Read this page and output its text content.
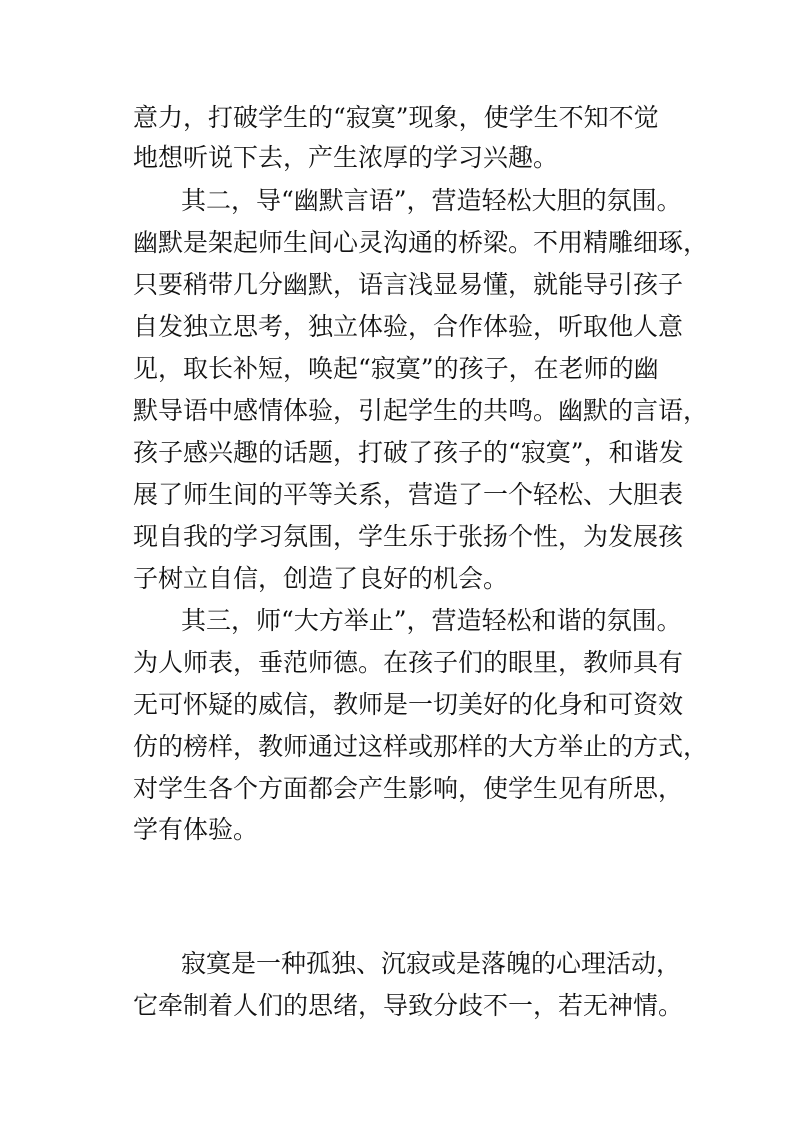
意力，打破学生的“寂寞”现象，使学生不知不觉
地想听说下去，产生浓厚的学习兴趣。
其二，导“幽默言语”，营造轻松大胆的氛围。
幽默是架起师生间心灵沟通的桥梁。不用精雕细琢，
只要稍带几分幽默，语言浅显易懂，就能导引孩子
自发独立思考，独立体验，合作体验，听取他人意
见，取长补短，唤起“寂寞”的孩子，在老师的幽
默导语中感情体验，引起学生的共鸣。幽默的言语，
孩子感兴趣的话题，打破了孩子的“寂寞”，和谐发
展了师生间的平等关系，营造了一个轻松、大胆表
现自我的学习氛围，学生乐于张扬个性，为发展孩
子树立自信，创造了良好的机会。
其三，师“大方举止”，营造轻松和谐的氛围。
为人师表，垂范师德。在孩子们的眼里，教师具有
无可怀疑的威信，教师是一切美好的化身和可资效
仿的榜样，教师通过这样或那样的大方举止的方式，
对学生各个方面都会产生影响，使学生见有所思，
学有体验。
寂寞是一种孤独、沉寂或是落魄的心理活动，
它牵制着人们的思绪，导致分歧不一，若无神情。
